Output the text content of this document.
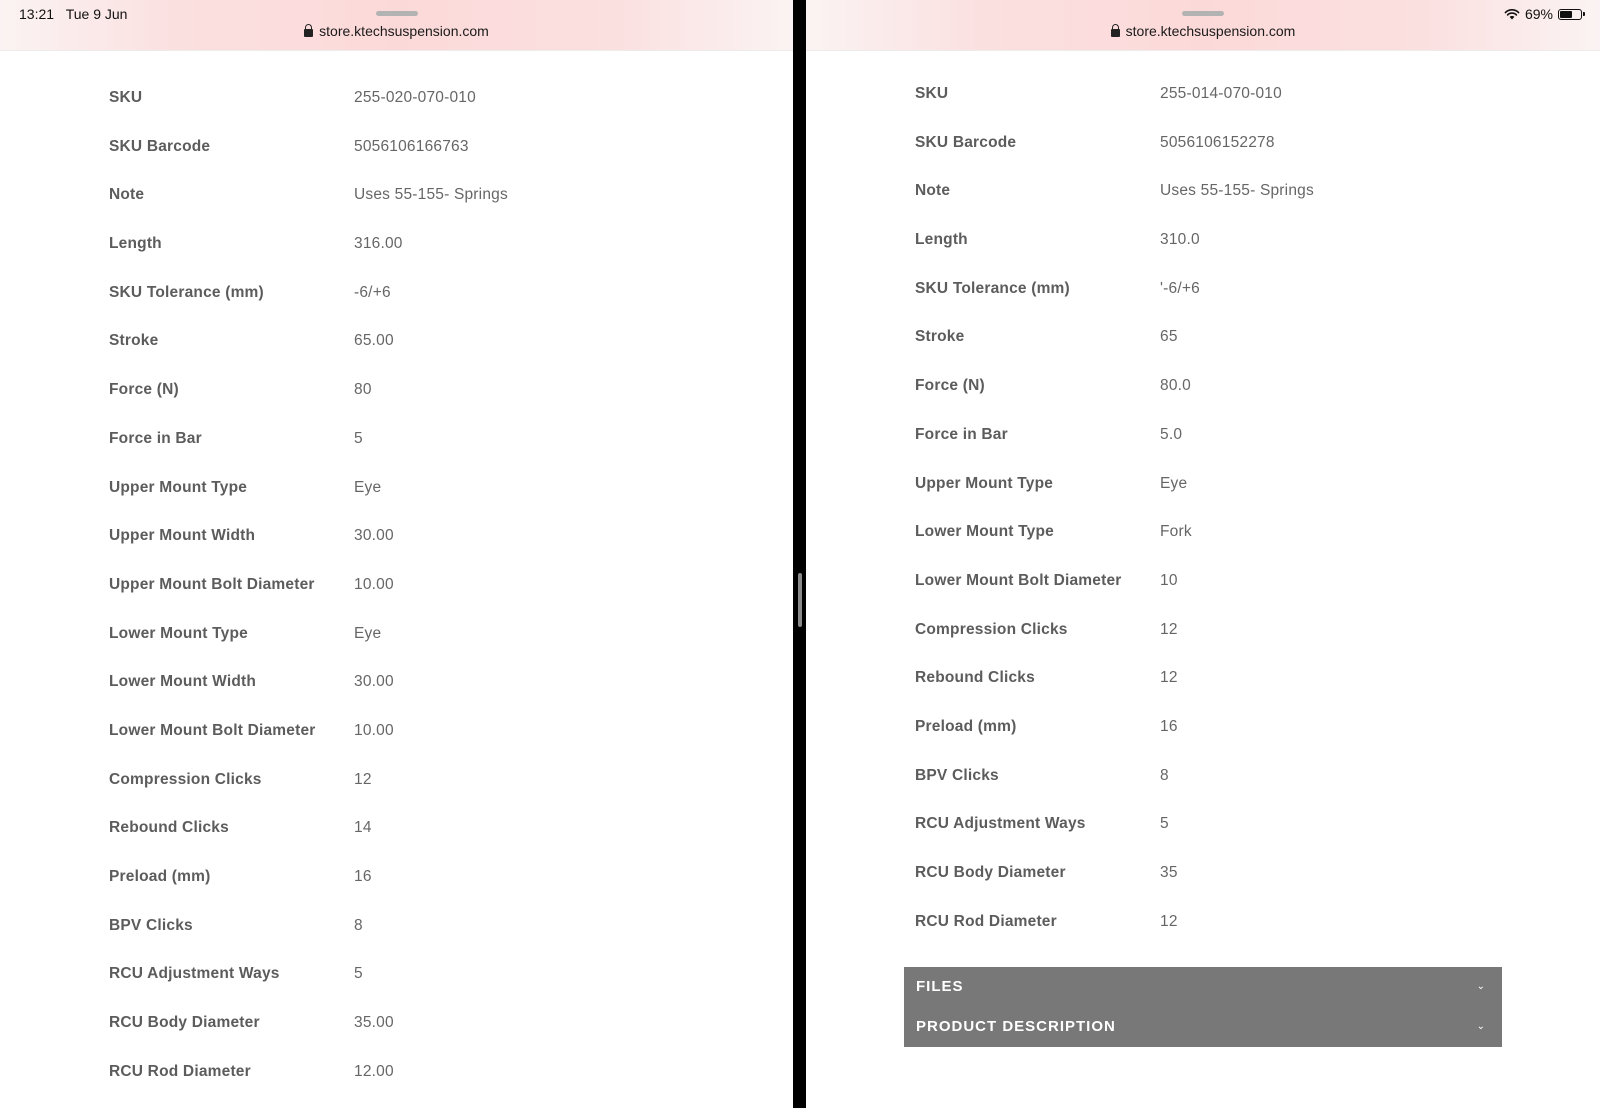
13:21 Tue 9 Jun
store.ktechsuspension.com
SKU	255-020-070-010
SKU Barcode	5056106166763
Note	Uses 55-155- Springs
Length	316.00
SKU Tolerance (mm)	-6/+6
Stroke	65.00
Force (N)	80
Force in Bar	5
Upper Mount Type	Eye
Upper Mount Width	30.00
Upper Mount Bolt Diameter	10.00
Lower Mount Type	Eye
Lower Mount Width	30.00
Lower Mount Bolt Diameter 10.00
Compression Clicks	12
Rebound Clicks	14
Preload (mm)	16
BPV Clicks	8
RCU Adjustment Ways	5
RCU Body Diameter	35.00
RCU Rod Diameter	12.00
store.ktechsuspension.com
69%
SKU	255-014-070-010
SKU Barcode	5056106152278
Note	Uses 55-155- Springs
Length	310.0
SKU Tolerance (mm)	'-6/+6
Stroke	65
Force (N)	80.0
Force in Bar	5.0
Upper Mount Type	Eye
Lower Mount Type	Fork
Lower Mount Bolt Diameter 10
Compression Clicks	12
Rebound Clicks	12
Preload (mm)	16
BPV Clicks	8
RCU Adjustment Ways	5
RCU Body Diameter	35
RCU Rod Diameter	12
FILES	⌄
PRODUCT DESCRIPTION	⌄
